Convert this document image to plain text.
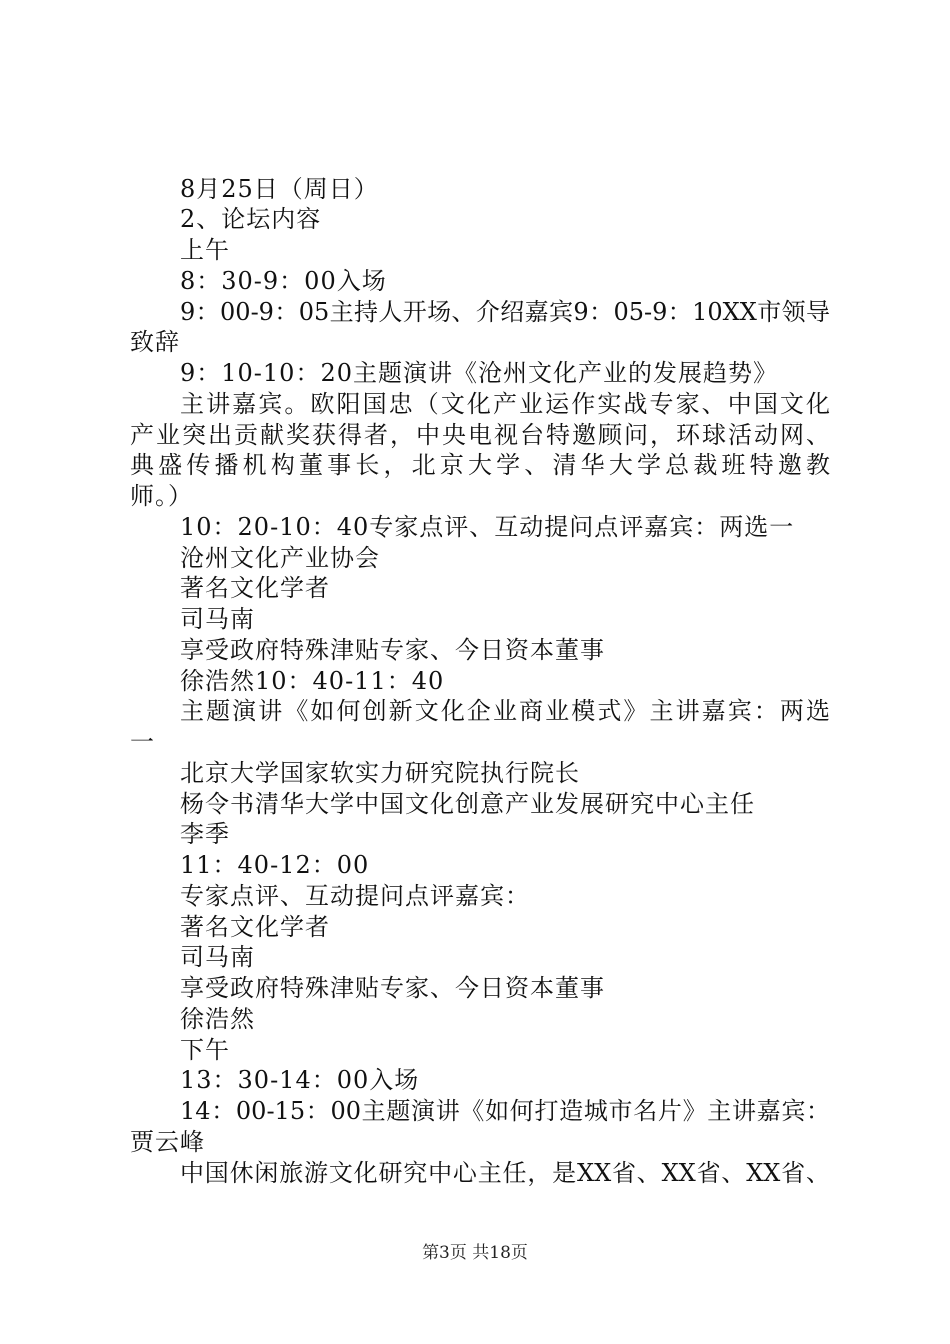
8月25日（周日）
2、论坛内容
上午
8：30-9：00入场
9：00-9：05主持人开场、介绍嘉宾9：05-9：10XX市领导
致辞
9：10-10：20主题演讲《沧州文化产业的发展趋势》
主讲嘉宾。欧阳国忠（文化产业运作实战专家、中国文化
产业突出贡献奖获得者，中央电视台特邀顾问，环球活动网、
典盛传播机构董事长，北京大学、清华大学总裁班特邀教
师。）
10：20-10：40专家点评、互动提问点评嘉宾：两选一
沧州文化产业协会
著名文化学者
司马南
享受政府特殊津贴专家、今日资本董事
徐浩然10：40-11：40
主题演讲《如何创新文化企业商业模式》主讲嘉宾：两选
一
北京大学国家软实力研究院执行院长
杨令书清华大学中国文化创意产业发展研究中心主任
李季
11：40-12：00
专家点评、互动提问点评嘉宾：
著名文化学者
司马南
享受政府特殊津贴专家、今日资本董事
徐浩然
下午
13：30-14：00入场
14：00-15：00主题演讲《如何打造城市名片》主讲嘉宾：
贾云峰
中国休闲旅游文化研究中心主任，是XX省、XX省、XX省、
第3页 共18页
